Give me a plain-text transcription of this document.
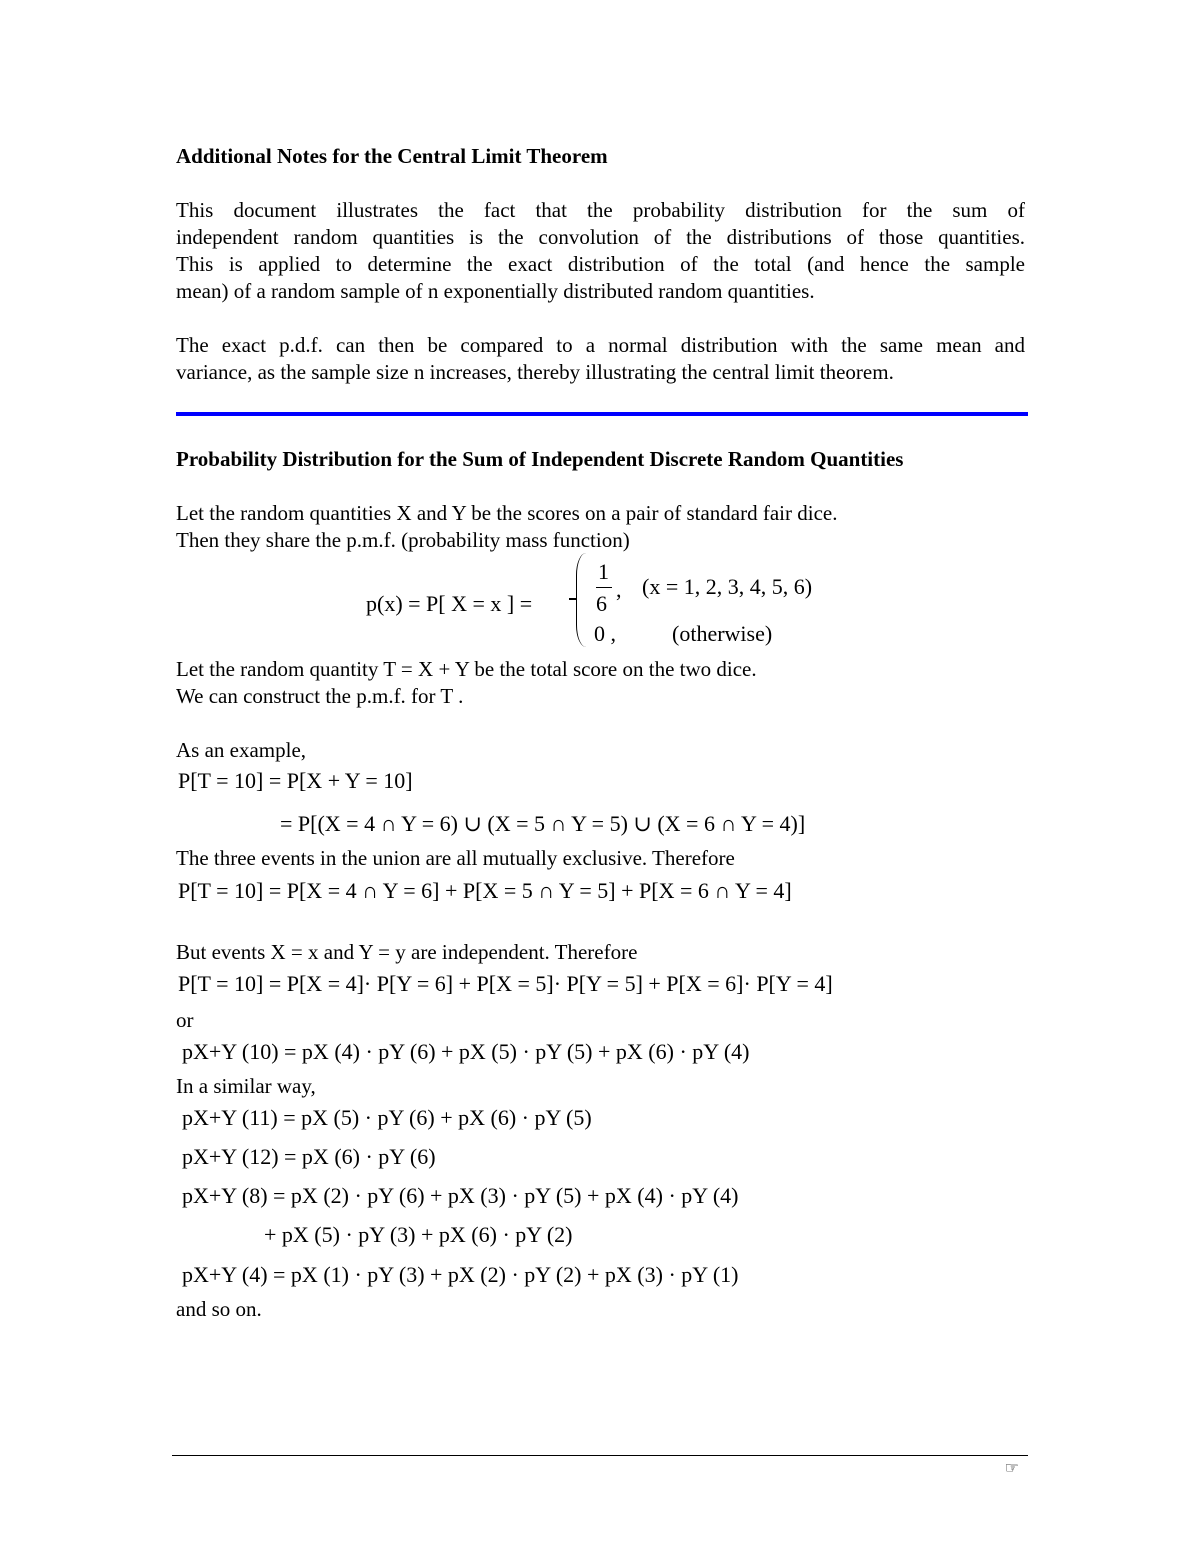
Additional Notes for the Central Limit Theorem
This document illustrates the fact that the probability distribution for the sum of
independent random quantities is the convolution of the distributions of those quantities.
This is applied to determine the exact distribution of the total (and hence the sample
mean) of a random sample of n exponentially distributed random quantities.
The exact p.d.f. can then be compared to a normal distribution with the same mean and
variance, as the sample size n increases, thereby illustrating the central limit theorem.
Probability Distribution for the Sum of Independent Discrete Random Quantities
Let the random quantities X and Y be the scores on a pair of standard fair dice.
Then they share the p.m.f. (probability mass function)
p(x) = P[ X = x ] =
1
6
, (x = 1, 2, 3, 4, 5, 6)
0 ,	(otherwise)
Let the random quantity T = X + Y be the total score on the two dice.
We can construct the p.m.f. for T .
As an example,
P[T = 10] = P[X + Y = 10]
= P[(X = 4 ∩ Y = 6) ∪ (X = 5 ∩ Y = 5) ∪ (X = 6 ∩ Y = 4)]
The three events in the union are all mutually exclusive. Therefore
P[T = 10] = P[X = 4 ∩ Y = 6] + P[X = 5 ∩ Y = 5] + P[X = 6 ∩ Y = 4]
But events X = x and Y = y are independent. Therefore
P[T = 10] = P[X = 4]· P[Y = 6] + P[X = 5]· P[Y = 5] + P[X = 6]· P[Y = 4]
or
pX+Y (10) = pX (4) · pY (6) + pX (5) · pY (5) + pX (6) · pY (4)
In a similar way,
pX+Y (11) = pX (5) · pY (6) + pX (6) · pY (5)
pX+Y (12) = pX (6) · pY (6)
pX+Y (8) = pX (2) · pY (6) + pX (3) · pY (5) + pX (4) · pY (4)
+ pX (5) · pY (3) + pX (6) · pY (2)
pX+Y (4) = pX (1) · pY (3) + pX (2) · pY (2) + pX (3) · pY (1)
and so on.
☞
